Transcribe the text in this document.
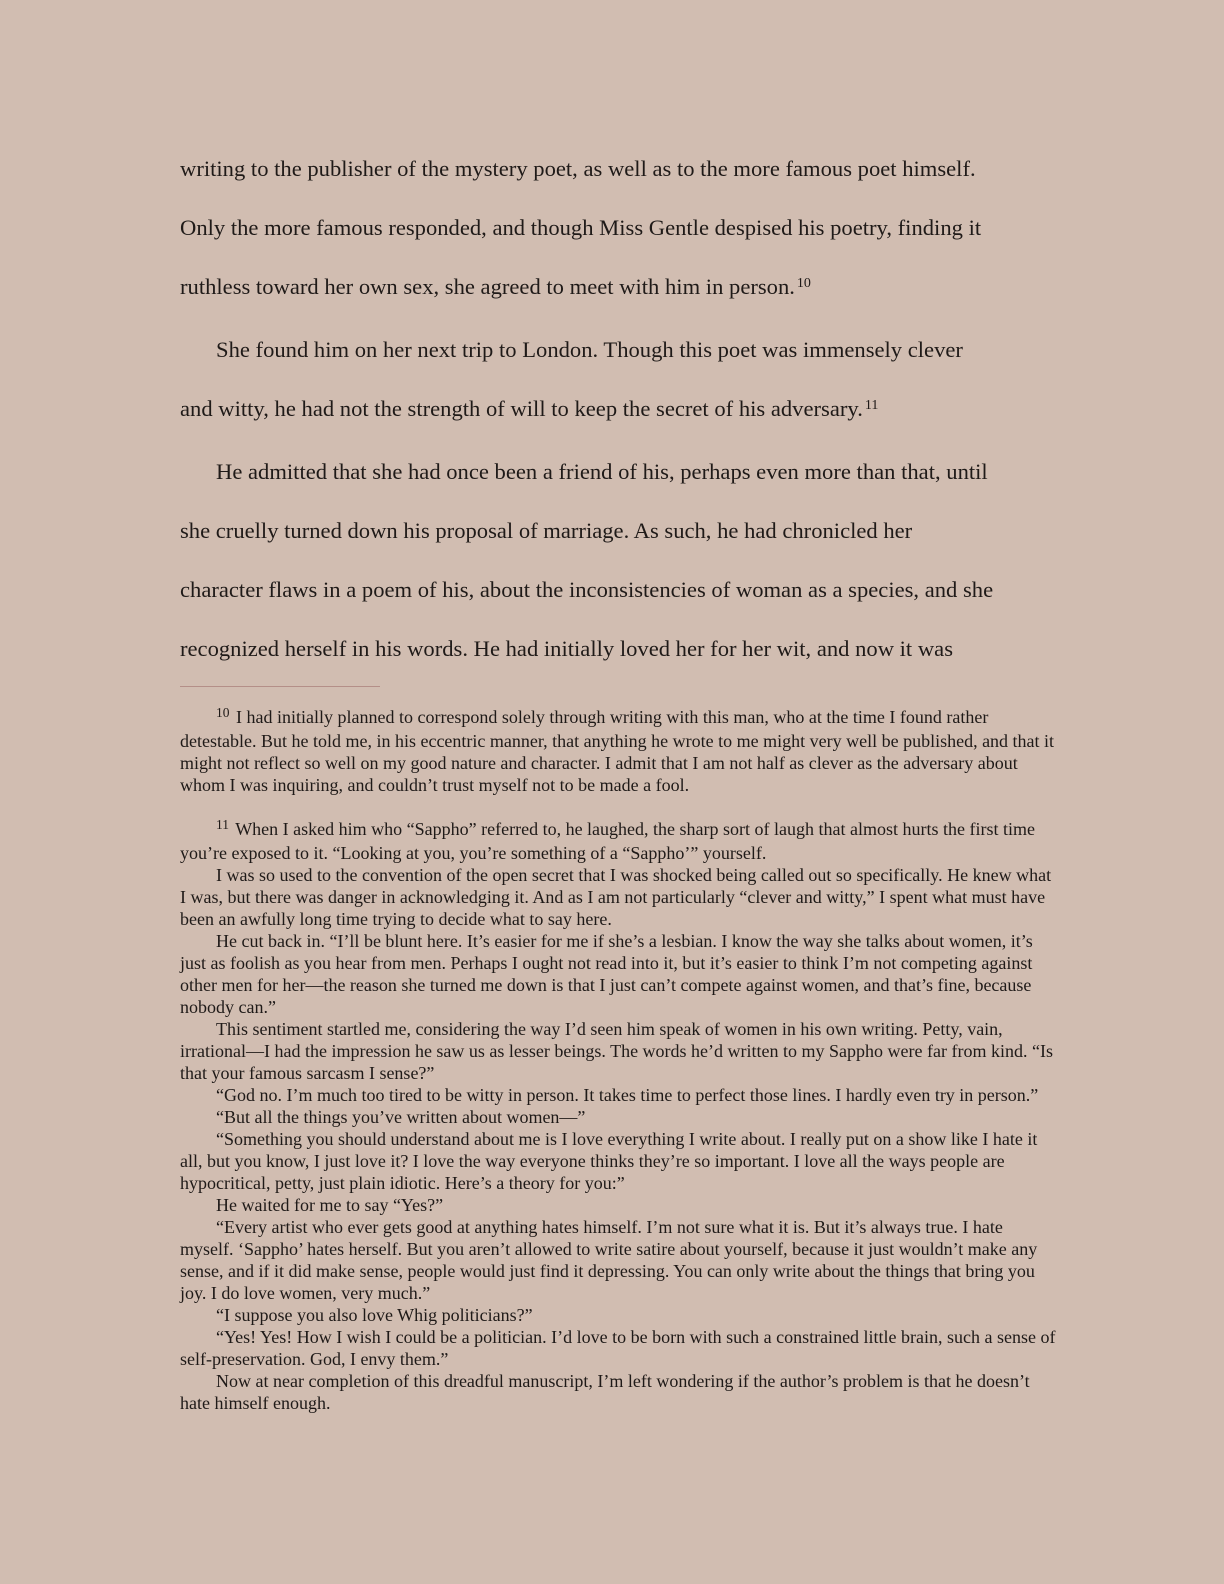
writing to the publisher of the mystery poet, as well as to the more famous poet himself.

Only the more famous responded, and though Miss Gentle despised his poetry, finding it

ruthless toward her own sex, she agreed to meet with him in person. $^{10}$

She found him on her next trip to London. Though this poet was immensely clever

and witty, he had not the strength of will to keep the secret of his adversary. $^{11}$

He admitted that she had once been a friend of his, perhaps even more than that, until

she cruelly turned down his proposal of marriage. As such, he had chronicled her

character flaws in a poem of his, about the inconsistencies of woman as a species, and she

recognized herself in his words. He had initially loved her for her wit, and now it was

$^{10}$ I had initially planned to correspond solely through writing with this man, who at the time I found rather detestable. But he told me, in his eccentric manner, that anything he wrote to me might very well be published, and that it might not reflect so well on my good nature and character. I admit that I am not half as clever as the adversary about whom I was inquiring, and couldn’t trust myself not to be made a fool.

$^{11}$ When I asked him who “Sappho” referred to, he laughed, the sharp sort of laugh that almost hurts the first time you’re exposed to it. “Looking at you, you’re something of a “Sappho’” yourself.

I was so used to the convention of the open secret that I was shocked being called out so specifically. He knew what I was, but there was danger in acknowledging it. And as I am not particularly “clever and witty,” I spent what must have been an awfully long time trying to decide what to say here.

He cut back in. “I’ll be blunt here. It’s easier for me if she’s a lesbian. I know the way she talks about women, it’s just as foolish as you hear from men. Perhaps I ought not read into it, but it’s easier to think I’m not competing against other men for her—the reason she turned me down is that I just can’t compete against women, and that’s fine, because nobody can.”

This sentiment startled me, considering the way I’d seen him speak of women in his own writing. Petty, vain, irrational—I had the impression he saw us as lesser beings. The words he’d written to my Sappho were far from kind. “Is that your famous sarcasm I sense?”

“God no. I’m much too tired to be witty in person. It takes time to perfect those lines. I hardly even try in person.”

“But all the things you’ve written about women—”

“Something you should understand about me is I love everything I write about. I really put on a show like I hate it all, but you know, I just love it? I love the way everyone thinks they’re so important. I love all the ways people are hypocritical, petty, just plain idiotic. Here’s a theory for you:”

He waited for me to say “Yes?”

“Every artist who ever gets good at anything hates himself. I’m not sure what it is. But it’s always true. I hate myself. ‘Sappho’ hates herself. But you aren’t allowed to write satire about yourself, because it just wouldn’t make any sense, and if it did make sense, people would just find it depressing. You can only write about the things that bring you joy. I do love women, very much.”

“I suppose you also love Whig politicians?”

“Yes! Yes! How I wish I could be a politician. I’d love to be born with such a constrained little brain, such a sense of self-preservation. God, I envy them.”

Now at near completion of this dreadful manuscript, I’m left wondering if the author’s problem is that he doesn’t hate himself enough.
